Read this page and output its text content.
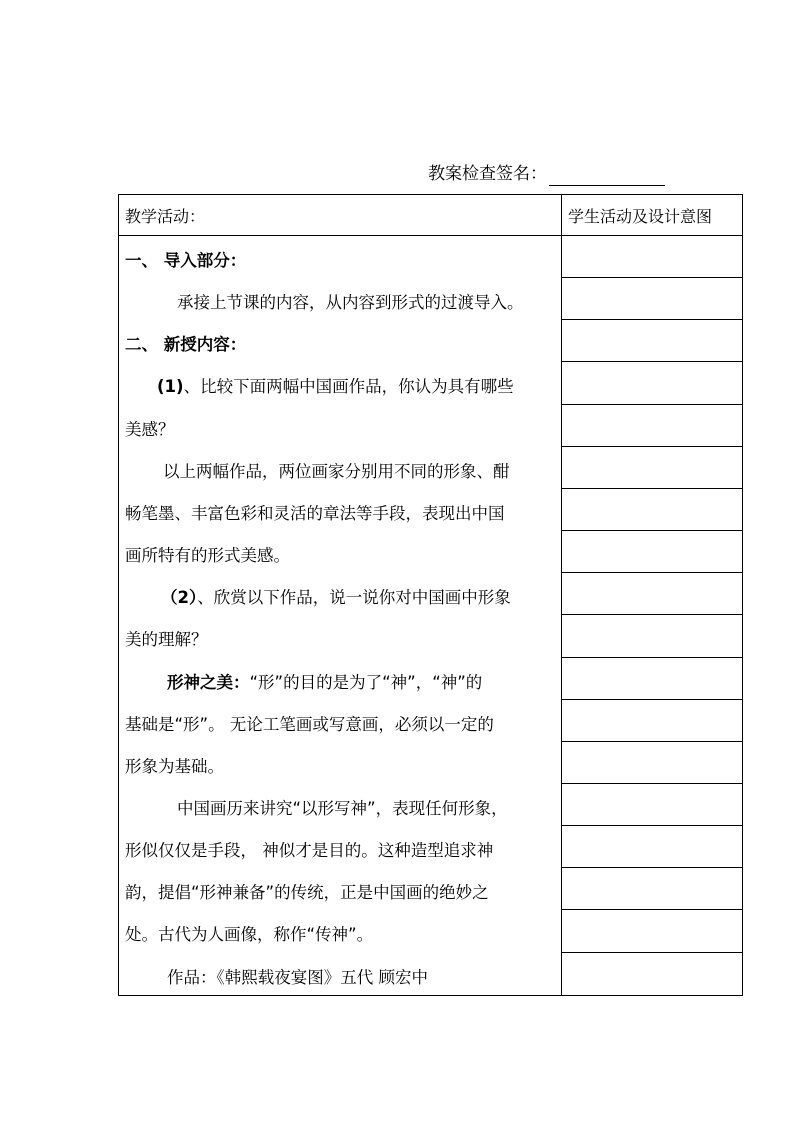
教案检查签名：
教学活动：	学生活动及设计意图
一、 导入部分：
承接上节课的内容，从内容到形式的过渡导入。
二、 新授内容：
(1)、比较下面两幅中国画作品，你认为具有哪些
美感？
以上两幅作品，两位画家分别用不同的形象、酣
畅笔墨、丰富色彩和灵活的章法等手段，表现出中国
画所特有的形式美感。
（2）、欣赏以下作品，说一说你对中国画中形象
美的理解？
形神之美：“形”的目的是为了“神”，“神”的
基础是“形”。 无论工笔画或写意画，必须以一定的
形象为基础。
中国画历来讲究“以形写神”，表现任何形象，
形似仅仅是手段， 神似才是目的。这种造型追求神
韵，提倡“形神兼备”的传统，正是中国画的绝妙之
处。古代为人画像，称作“传神”。
作品：《韩熙载夜宴图》五代 顾宏中
